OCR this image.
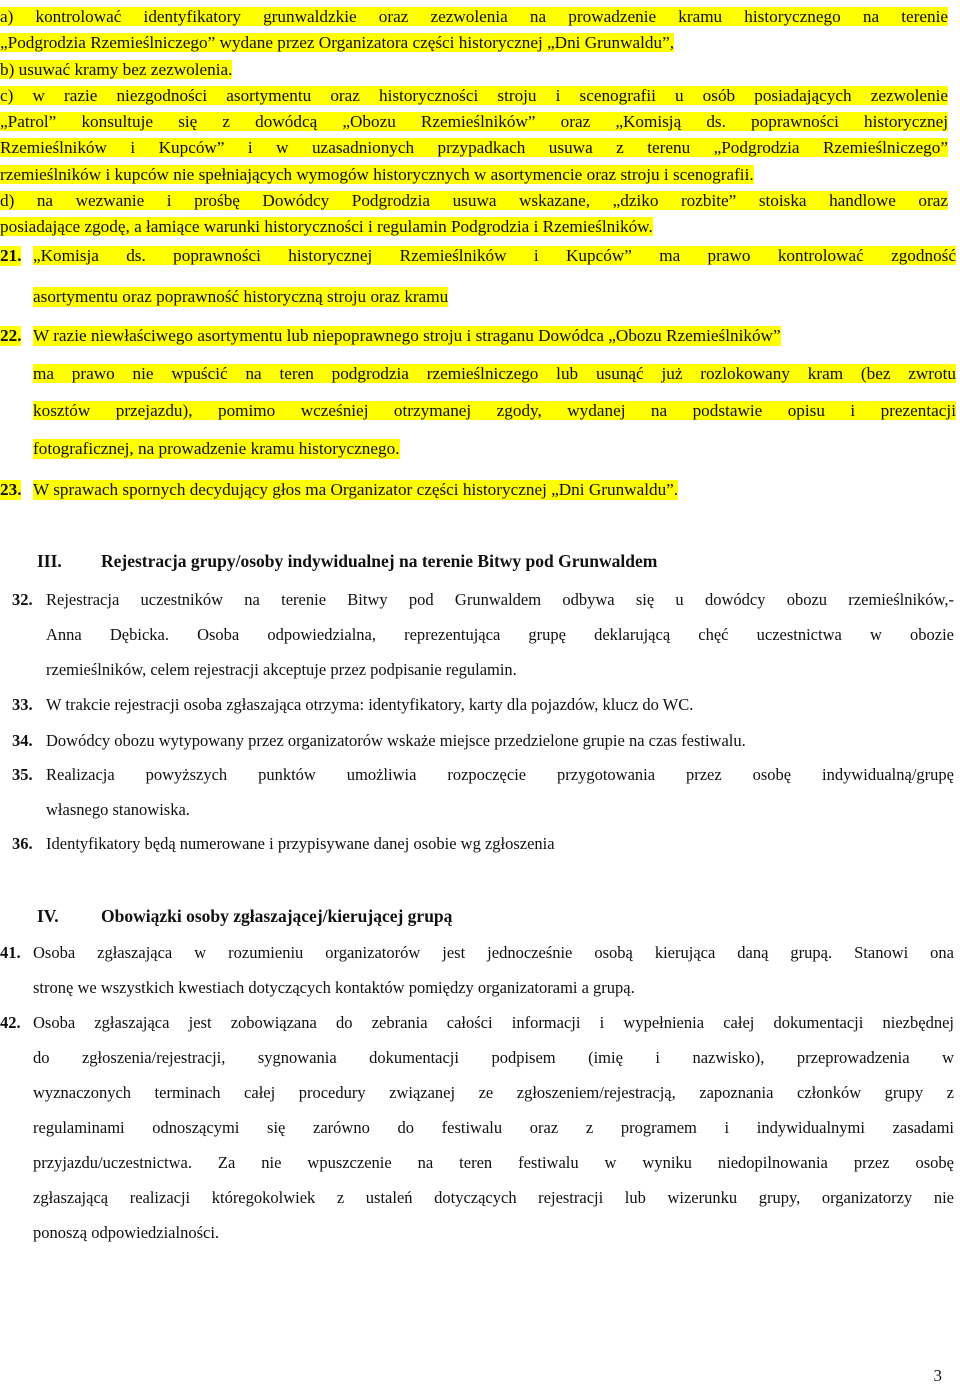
a) kontrolować identyfikatory grunwaldzkie oraz zezwolenia na prowadzenie kramu historycznego na terenie

„Podgrodzia Rzemieślniczego” wydane przez Organizatora części historycznej „Dni Grunwaldu”,

b) usuwać kramy bez zezwolenia.

c) w razie niezgodności asortymentu oraz historyczności stroju i scenografii u osób posiadających zezwolenie

„Patrol” konsultuje się z dowódcą „Obozu Rzemieślników” oraz „Komisją ds. poprawności historycznej

Rzemieślników i Kupców” i w uzasadnionych przypadkach usuwa z terenu „Podgrodzia Rzemieślniczego”

rzemieślników i kupców nie spełniających wymogów historycznych w asortymencie oraz stroju i scenografii.

d) na wezwanie i prośbę Dowódcy Podgrodzia usuwa wskazane, „dziko rozbite” stoiska handlowe oraz

posiadające zgodę, a łamiące warunki historyczności i regulamin Podgrodzia i Rzemieślników.

21. „Komisja ds. poprawności historycznej Rzemieślników i Kupców” ma prawo kontrolować zgodność
asortymentu oraz poprawność historyczną stroju oraz kramu
22. W razie niewłaściwego asortymentu lub niepoprawnego stroju i straganu Dowódca „Obozu Rzemieślników”
ma prawo nie wpuścić na teren podgrodzia rzemieślniczego lub usunąć już rozlokowany kram (bez zwrotu
kosztów przejazdu), pomimo wcześniej otrzymanej zgody, wydanej na podstawie opisu i prezentacji
fotograficznej, na prowadzenie kramu historycznego.
23. W sprawach spornych decydujący głos ma Organizator części historycznej „Dni Grunwaldu”.
III. Rejestracja grupy/osoby indywidualnej na terenie Bitwy pod Grunwaldem
32. Rejestracja uczestników na terenie Bitwy pod Grunwaldem odbywa się u dowódcy obozu rzemieślników,-
Anna Dębicka. Osoba odpowiedzialna, reprezentująca grupę deklarującą chęć uczestnictwa w obozie
rzemieślników, celem rejestracji akceptuje przez podpisanie regulamin.
33. W trakcie rejestracji osoba zgłaszająca otrzyma: identyfikatory, karty dla pojazdów, klucz do WC.
34. Dowódcy obozu wytypowany przez organizatorów wskaże miejsce przedzielone grupie na czas festiwalu.
35. Realizacja powyższych punktów umożliwia rozpoczęcie przygotowania przez osobę indywidualną/grupę
własnego stanowiska.
36. Identyfikatory będą numerowane i przypisywane danej osobie wg zgłoszenia
IV. Obowiązki osoby zgłaszającej/kierującej grupą
41. Osoba zgłaszająca w rozumieniu organizatorów jest jednocześnie osobą kierująca daną grupą. Stanowi ona
stronę we wszystkich kwestiach dotyczących kontaktów pomiędzy organizatorami a grupą.
42. Osoba zgłaszająca jest zobowiązana do zebrania całości informacji i wypełnienia całej dokumentacji niezbędnej
do zgłoszenia/rejestracji, sygnowania dokumentacji podpisem (imię i nazwisko), przeprowadzenia w
wyznaczonych terminach całej procedury związanej ze zgłoszeniem/rejestracją, zapoznania członków grupy z
regulaminami odnoszącymi się zarówno do festiwalu oraz z programem i indywidualnymi zasadami
przyjazdu/uczestnictwa. Za nie wpuszczenie na teren festiwalu w wyniku niedopilnowania przez osobę
zgłaszającą realizacji któregokolwiek z ustaleń dotyczących rejestracji lub wizerunku grupy, organizatorzy nie
ponoszą odpowiedzialności.
3
